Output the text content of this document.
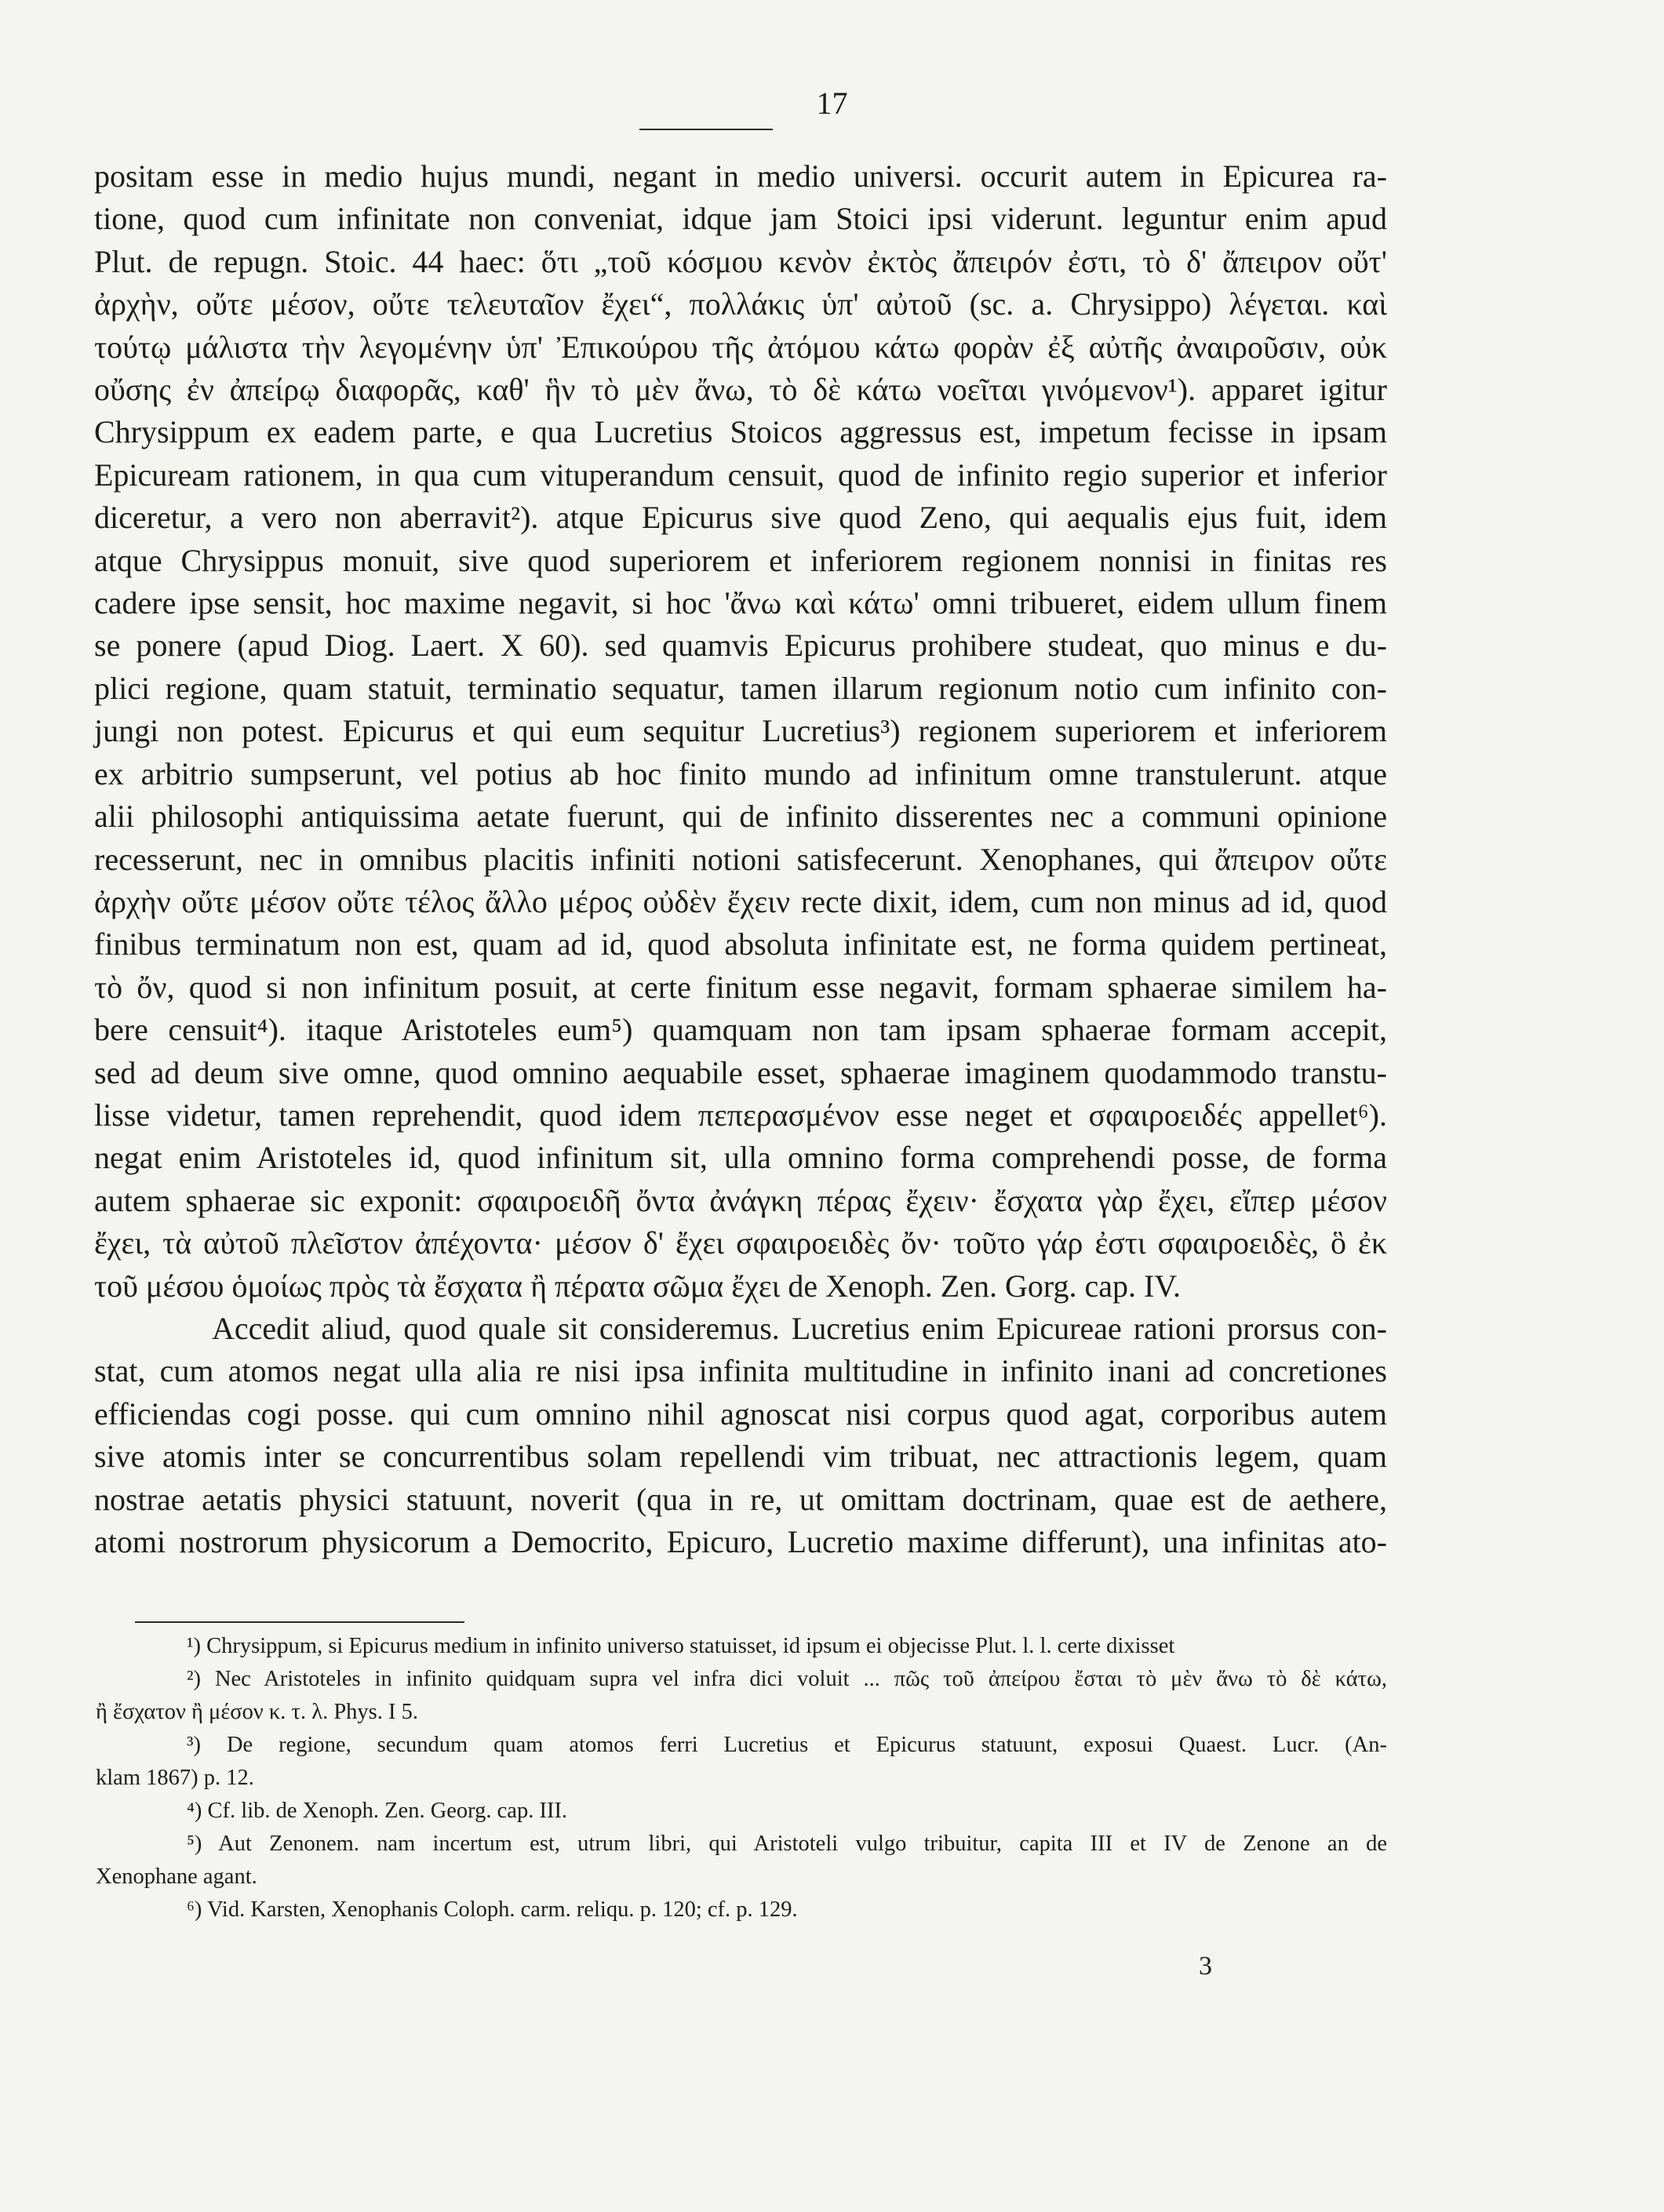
17
positam esse in medio hujus mundi, negant in medio universi. occurit autem in Epicurea ra-
tione, quod cum infinitate non conveniat, idque jam Stoici ipsi viderunt. leguntur enim apud
Plut. de repugn. Stoic. 44 haec: ὅτι „τοῦ κόσμου κενὸν ἐκτὸς ἄπειρόν ἐστι, τὸ δ' ἄπειρον οὔτ'
ἀρχὴν, οὔτε μέσον, οὔτε τελευταῖον ἔχει“, πολλάκις ὑπ' αὐτοῦ (sc. a. Chrysippo) λέγεται. καὶ
τούτῳ μάλιστα τὴν λεγομένην ὑπ' Ἐπικούρου τῆς ἀτόμου κάτω φορὰν ἐξ αὐτῆς ἀναιροῦσιν, οὐκ
οὔσης ἐν ἀπείρῳ διαφορᾶς, καθ' ἣν τὸ μὲν ἄνω, τὸ δὲ κάτω νοεῖται γινόμενον¹). apparet igitur
Chrysippum ex eadem parte, e qua Lucretius Stoicos aggressus est, impetum fecisse in ipsam
Epicuream rationem, in qua cum vituperandum censuit, quod de infinito regio superior et inferior
diceretur, a vero non aberravit²). atque Epicurus sive quod Zeno, qui aequalis ejus fuit, idem
atque Chrysippus monuit, sive quod superiorem et inferiorem regionem nonnisi in finitas res
cadere ipse sensit, hoc maxime negavit, si hoc 'ἄνω καὶ κάτω' omni tribueret, eidem ullum finem
se ponere (apud Diog. Laert. X 60). sed quamvis Epicurus prohibere studeat, quo minus e du-
plici regione, quam statuit, terminatio sequatur, tamen illarum regionum notio cum infinito con-
jungi non potest. Epicurus et qui eum sequitur Lucretius³) regionem superiorem et inferiorem
ex arbitrio sumpserunt, vel potius ab hoc finito mundo ad infinitum omne transtulerunt. atque
alii philosophi antiquissima aetate fuerunt, qui de infinito disserentes nec a communi opinione
recesserunt, nec in omnibus placitis infiniti notioni satisfecerunt. Xenophanes, qui ἄπειρον οὔτε
ἀρχὴν οὔτε μέσον οὔτε τέλος ἄλλο μέρος οὐδὲν ἔχειν recte dixit, idem, cum non minus ad id, quod
finibus terminatum non est, quam ad id, quod absoluta infinitate est, ne forma quidem pertineat,
τὸ ὄν, quod si non infinitum posuit, at certe finitum esse negavit, formam sphaerae similem ha-
bere censuit⁴). itaque Aristoteles eum⁵) quamquam non tam ipsam sphaerae formam accepit,
sed ad deum sive omne, quod omnino aequabile esset, sphaerae imaginem quodammodo transtu-
lisse videtur, tamen reprehendit, quod idem πεπερασμένον esse neget et σφαιροειδές appellet⁶).
negat enim Aristoteles id, quod infinitum sit, ulla omnino forma comprehendi posse, de forma
autem sphaerae sic exponit: σφαιροειδῆ ὄντα ἀνάγκη πέρας ἔχειν· ἔσχατα γὰρ ἔχει, εἴπερ μέσον
ἔχει, τὰ αὐτοῦ πλεῖστον ἀπέχοντα· μέσον δ' ἔχει σφαιροειδὲς ὄν· τοῦτο γάρ ἐστι σφαιροειδὲς, ὃ ἐκ
τοῦ μέσου ὁμοίως πρὸς τὰ ἔσχατα ἢ πέρατα σῶμα ἔχει de Xenoph. Zen. Gorg. cap. IV.
Accedit aliud, quod quale sit consideremus. Lucretius enim Epicureae rationi prorsus con-
stat, cum atomos negat ulla alia re nisi ipsa infinita multitudine in infinito inani ad concretiones
efficiendas cogi posse. qui cum omnino nihil agnoscat nisi corpus quod agat, corporibus autem
sive atomis inter se concurrentibus solam repellendi vim tribuat, nec attractionis legem, quam
nostrae aetatis physici statuunt, noverit (qua in re, ut omittam doctrinam, quae est de aethere,
atomi nostrorum physicorum a Democrito, Epicuro, Lucretio maxime differunt), una infinitas ato-
¹) Chrysippum, si Epicurus medium in infinito universo statuisset, id ipsum ei objecisse Plut. l. l. certe dixisset
²) Nec Aristoteles in infinito quidquam supra vel infra dici voluit ... πῶς τοῦ ἀπείρου ἔσται τὸ μὲν ἄνω τὸ δὲ κάτω,
ἢ ἔσχατον ἢ μέσον κ. τ. λ. Phys. I 5.
³) De regione, secundum quam atomos ferri Lucretius et Epicurus statuunt, exposui Quaest. Lucr. (An-
klam 1867) p. 12.
⁴) Cf. lib. de Xenoph. Zen. Georg. cap. III.
⁵) Aut Zenonem. nam incertum est, utrum libri, qui Aristoteli vulgo tribuitur, capita III et IV de Zenone an de
Xenophane agant.
⁶) Vid. Karsten, Xenophanis Coloph. carm. reliqu. p. 120; cf. p. 129.
3
